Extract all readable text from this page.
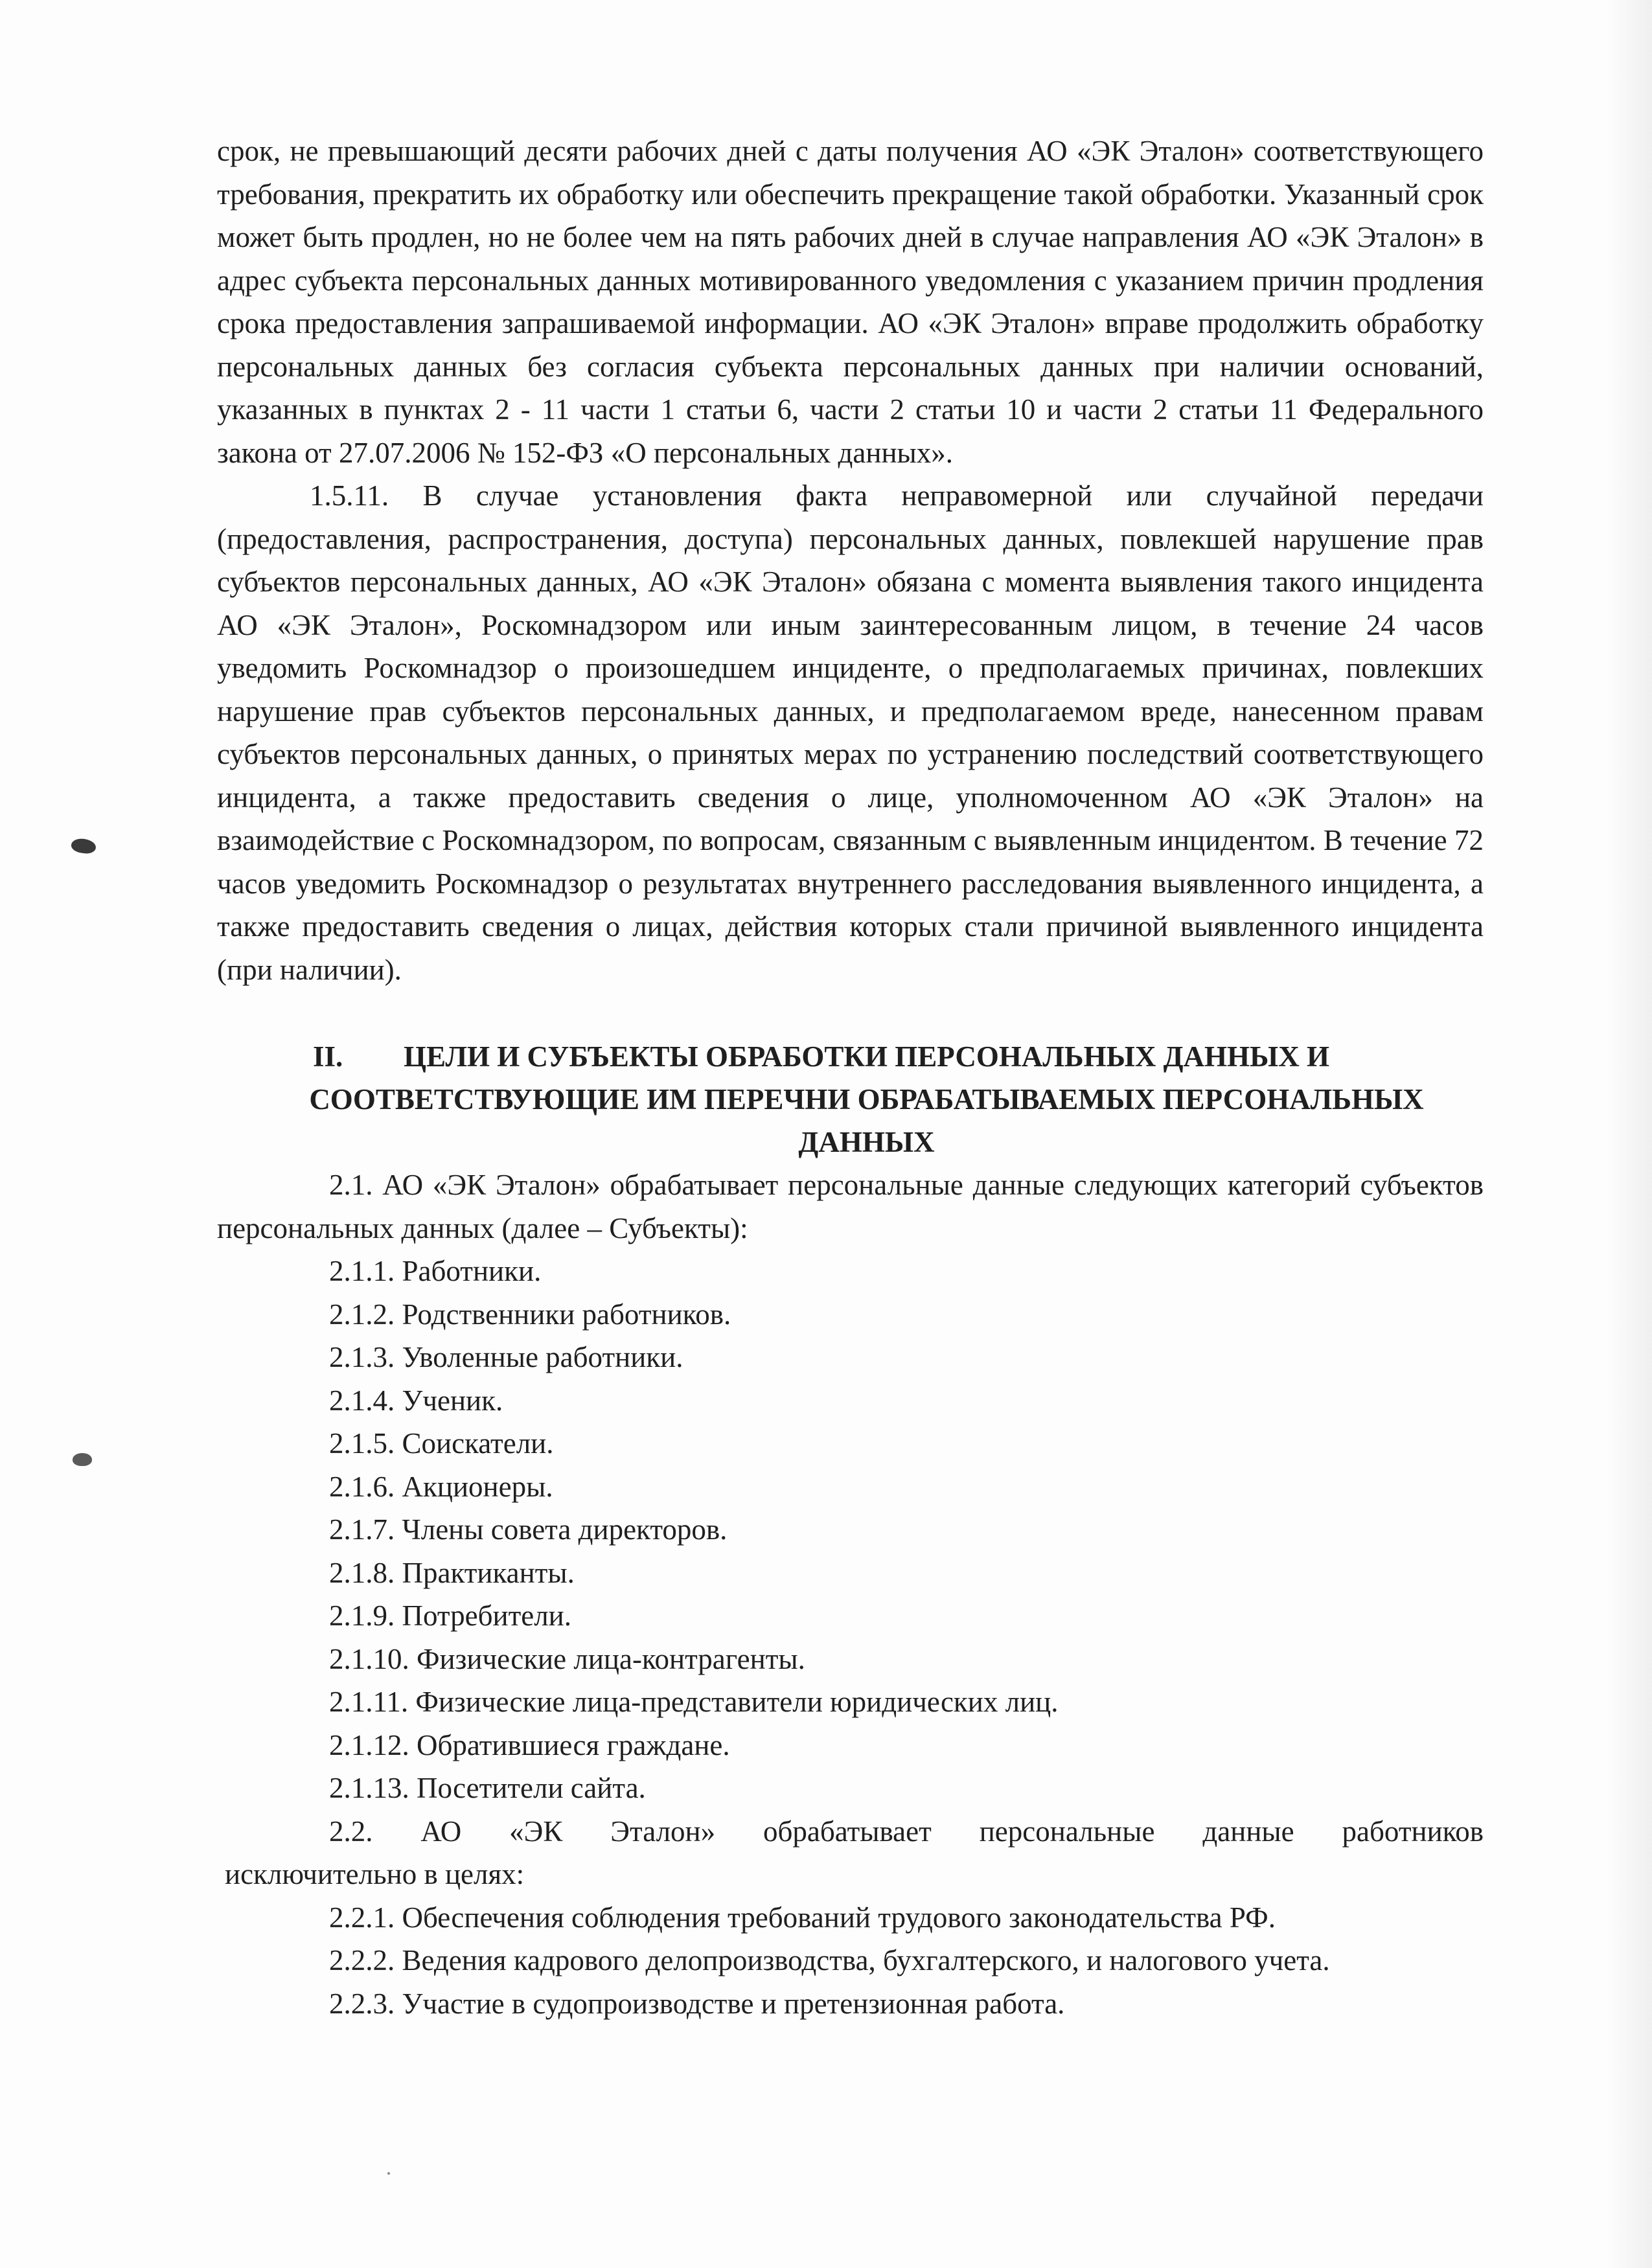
срок, не превышающий десяти рабочих дней с даты получения АО «ЭК Эталон» соответствующего требования, прекратить их обработку или обеспечить прекращение такой обработки. Указанный срок может быть продлен, но не более чем на пять рабочих дней в случае направления АО «ЭК Эталон» в адрес субъекта персональных данных мотивированного уведомления с указанием причин продления срока предоставления запрашиваемой информации. АО «ЭК Эталон» вправе продолжить обработку персональных данных без согласия субъекта персональных данных при наличии оснований, указанных в пунктах 2 - 11 части 1 статьи 6, части 2 статьи 10 и части 2 статьи 11 Федерального закона от 27.07.2006 № 152-ФЗ «О персональных данных».

1.5.11. В случае установления факта неправомерной или случайной передачи (предоставления, распространения, доступа) персональных данных, повлекшей нарушение прав субъектов персональных данных, АО «ЭК Эталон» обязана с момента выявления такого инцидента АО «ЭК Эталон», Роскомнадзором или иным заинтересованным лицом, в течение 24 часов уведомить Роскомнадзор о произошедшем инциденте, о предполагаемых причинах, повлекших нарушение прав субъектов персональных данных, и предполагаемом вреде, нанесенном правам субъектов персональных данных, о принятых мерах по устранению последствий соответствующего инцидента, а также предоставить сведения о лице, уполномоченном АО «ЭК Эталон» на взаимодействие с Роскомнадзором, по вопросам, связанным с выявленным инцидентом. В течение 72 часов уведомить Роскомнадзор о результатах внутреннего расследования выявленного инцидента, а также предоставить сведения о лицах, действия которых стали причиной выявленного инцидента (при наличии).

II.	ЦЕЛИ И СУБЪЕКТЫ ОБРАБОТКИ ПЕРСОНАЛЬНЫХ ДАННЫХ И СООТВЕТСТВУЮЩИЕ ИМ ПЕРЕЧНИ ОБРАБАТЫВАЕМЫХ ПЕРСОНАЛЬНЫХ ДАННЫХ

2.1. АО «ЭК Эталон» обрабатывает персональные данные следующих категорий субъектов персональных данных (далее – Субъекты):

2.1.1. Работники.
2.1.2. Родственники работников.
2.1.3. Уволенные работники.
2.1.4. Ученик.
2.1.5. Соискатели.
2.1.6. Акционеры.
2.1.7. Члены совета директоров.
2.1.8. Практиканты.
2.1.9. Потребители.
2.1.10. Физические лица-контрагенты.
2.1.11. Физические лица-представители юридических лиц.
2.1.12. Обратившиеся граждане.
2.1.13. Посетители сайта.

2.2. АО «ЭК Эталон» обрабатывает персональные данные работников

исключительно в целях:

2.2.1. Обеспечения соблюдения требований трудового законодательства РФ.
2.2.2. Ведения кадрового делопроизводства, бухгалтерского, и налогового учета.
2.2.3. Участие в судопроизводстве и претензионная работа.
